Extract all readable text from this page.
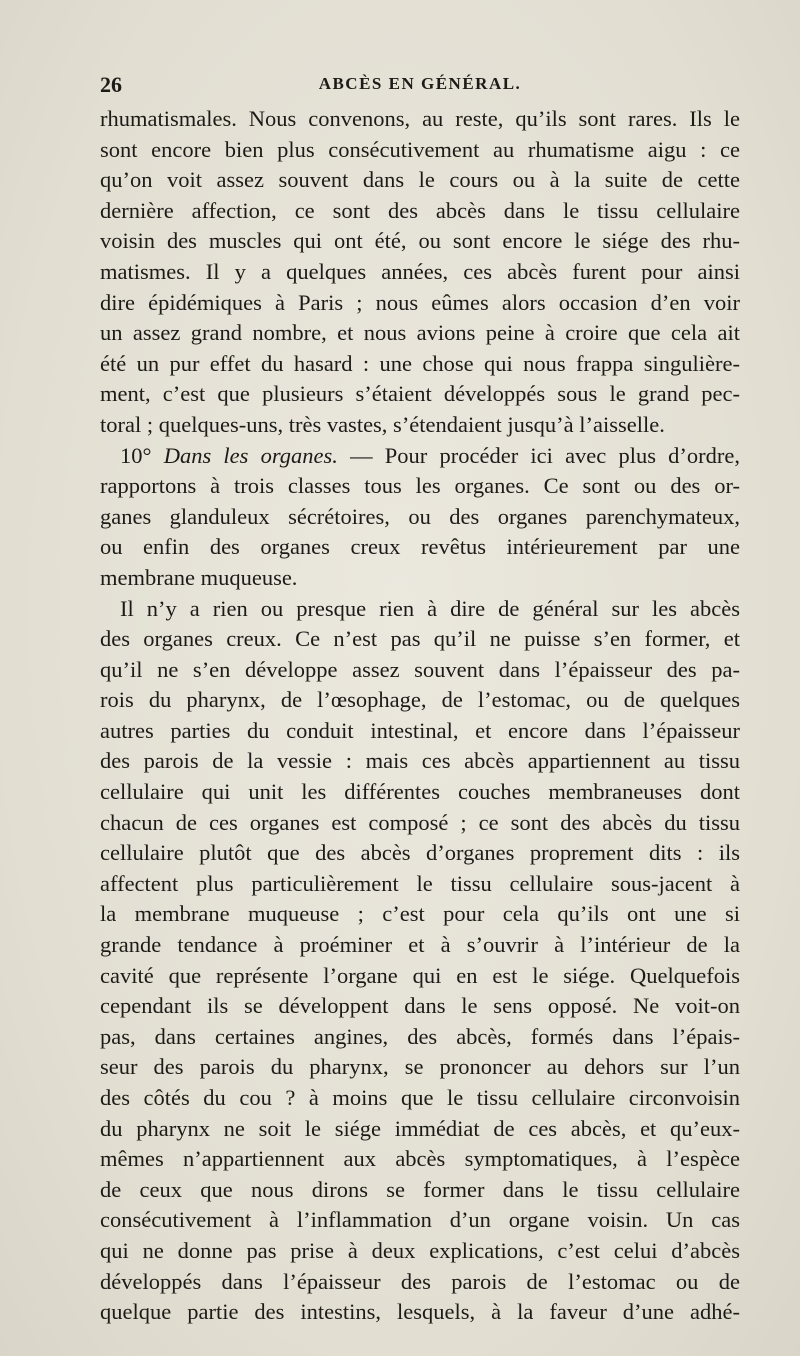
26	ABCÈS EN GÉNÉRAL.
rhumatismales. Nous convenons, au reste, qu’ils sont rares. Ils le
sont encore bien plus consécutivement au rhumatisme aigu : ce
qu’on voit assez souvent dans le cours ou à la suite de cette
dernière affection, ce sont des abcès dans le tissu cellulaire
voisin des muscles qui ont été, ou sont encore le siége des rhu-
matismes. Il y a quelques années, ces abcès furent pour ainsi
dire épidémiques à Paris ; nous eûmes alors occasion d’en voir
un assez grand nombre, et nous avions peine à croire que cela ait
été un pur effet du hasard : une chose qui nous frappa singulière-
ment, c’est que plusieurs s’étaient développés sous le grand pec-
toral ; quelques-uns, très vastes, s’étendaient jusqu’à l’aisselle.
10° Dans les organes. — Pour procéder ici avec plus d’ordre,
rapportons à trois classes tous les organes. Ce sont ou des or-
ganes glanduleux sécrétoires, ou des organes parenchymateux,
ou enfin des organes creux revêtus intérieurement par une
membrane muqueuse.
Il n’y a rien ou presque rien à dire de général sur les abcès
des organes creux. Ce n’est pas qu’il ne puisse s’en former, et
qu’il ne s’en développe assez souvent dans l’épaisseur des pa-
rois du pharynx, de l’œsophage, de l’estomac, ou de quelques
autres parties du conduit intestinal, et encore dans l’épaisseur
des parois de la vessie : mais ces abcès appartiennent au tissu
cellulaire qui unit les différentes couches membraneuses dont
chacun de ces organes est composé ; ce sont des abcès du tissu
cellulaire plutôt que des abcès d’organes proprement dits : ils
affectent plus particulièrement le tissu cellulaire sous-jacent à
la membrane muqueuse ; c’est pour cela qu’ils ont une si
grande tendance à proéminer et à s’ouvrir à l’intérieur de la
cavité que représente l’organe qui en est le siége. Quelquefois
cependant ils se développent dans le sens opposé. Ne voit-on
pas, dans certaines angines, des abcès, formés dans l’épais-
seur des parois du pharynx, se prononcer au dehors sur l’un
des côtés du cou ? à moins que le tissu cellulaire circonvoisin
du pharynx ne soit le siége immédiat de ces abcès, et qu’eux-
mêmes n’appartiennent aux abcès symptomatiques, à l’espèce
de ceux que nous dirons se former dans le tissu cellulaire
consécutivement à l’inflammation d’un organe voisin. Un cas
qui ne donne pas prise à deux explications, c’est celui d’abcès
développés dans l’épaisseur des parois de l’estomac ou de
quelque partie des intestins, lesquels, à la faveur d’une adhé-
